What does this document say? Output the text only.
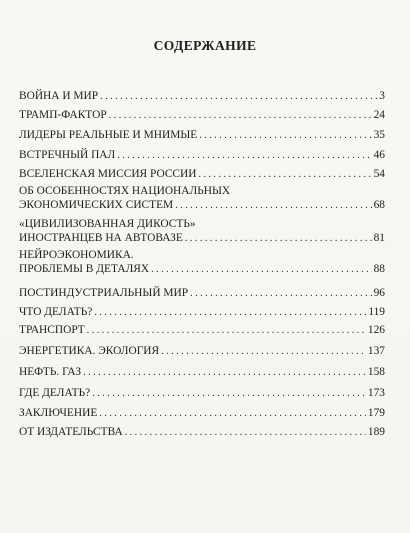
СОДЕРЖАНИЕ
ВОЙНА И МИР . . .	3
ТРАМП-ФАКТОР . . .	24
ЛИДЕРЫ РЕАЛЬНЫЕ И МНИМЫЕ . . .	35
ВСТРЕЧНЫЙ ПАЛ . . .	46
ВСЕЛЕНСКАЯ МИССИЯ РОССИИ . . .	54
ОБ ОСОБЕННОСТЯХ НАЦИОНАЛЬНЫХ
ЭКОНОМИЧЕСКИХ СИСТЕМ . . .	68
«ЦИВИЛИЗОВАННАЯ ДИКОСТЬ»
ИНОСТРАНЦЕВ НА АВТОВАЗЕ . . .	81
НЕЙРОЭКОНОМИКА.
ПРОБЛЕМЫ В ДЕТАЛЯХ . . .	88
ПОСТИНДУСТРИАЛЬНЫЙ МИР . . .	96
ЧТО ДЕЛАТЬ? . . .	119
ТРАНСПОРТ . . .	126
ЭНЕРГЕТИКА. ЭКОЛОГИЯ . . .	137
НЕФТЬ. ГАЗ . . .	158
ГДЕ ДЕЛАТЬ? . . .	173
ЗАКЛЮЧЕНИЕ . . .	179
ОТ ИЗДАТЕЛЬСТВА . . .	189
